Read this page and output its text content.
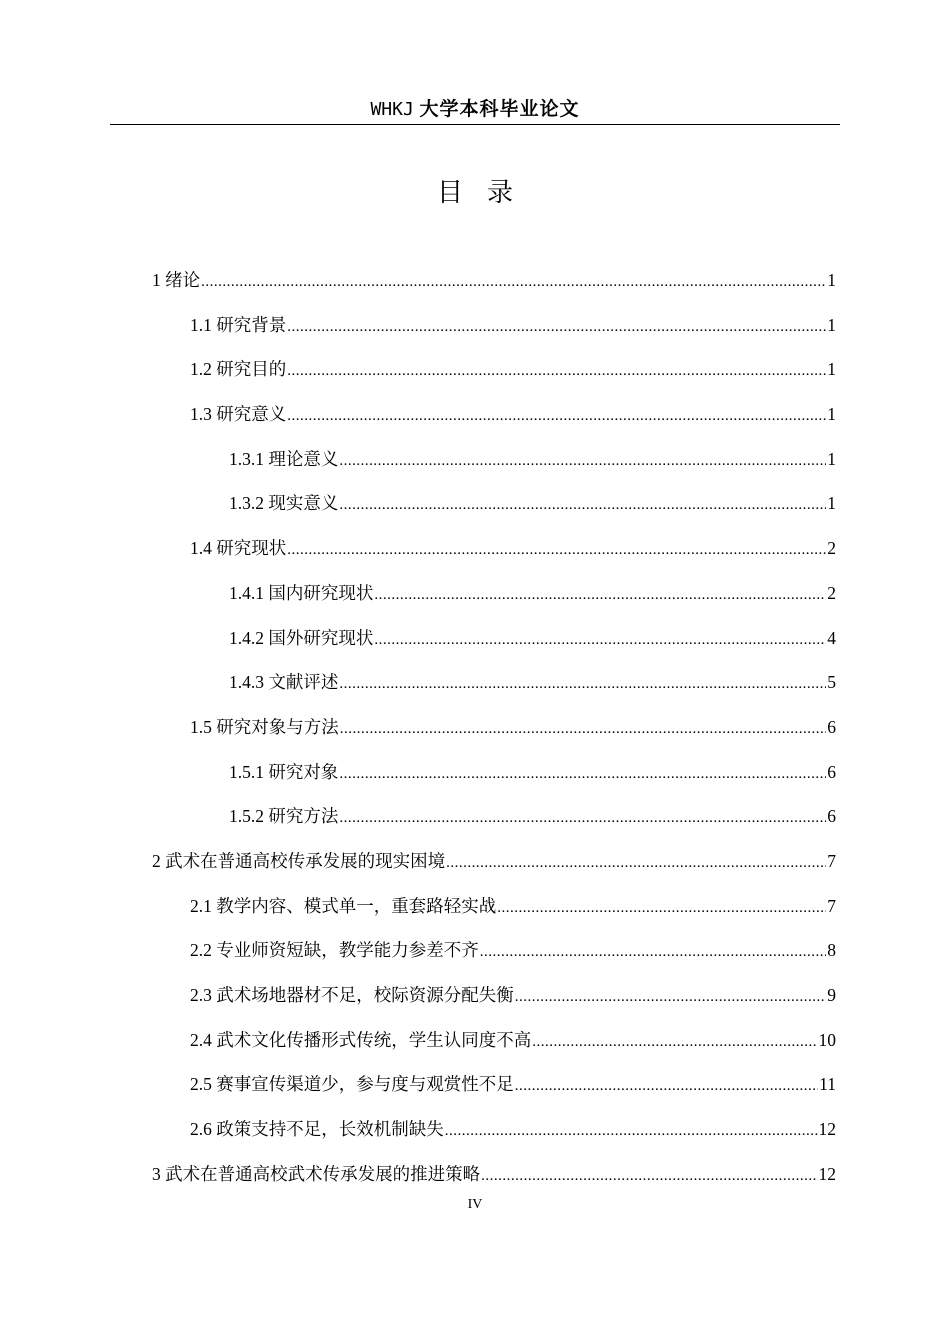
WHKJ 大学本科毕业论文
目录
1 绪论 .....	1
1.1 研究背景 .....	1
1.2 研究目的 .....	1
1.3 研究意义 .....	1
1.3.1 理论意义 .....	1
1.3.2 现实意义 .....	1
1.4 研究现状 .....	2
1.4.1 国内研究现状 .....	2
1.4.2 国外研究现状 .....	4
1.4.3 文献评述 .....	5
1.5 研究对象与方法 .....	6
1.5.1 研究对象 .....	6
1.5.2 研究方法 .....	6
2 武术在普通高校传承发展的现实困境 .....	7
2.1 教学内容、模式单一，重套路轻实战 .....	7
2.2 专业师资短缺，教学能力参差不齐 .....	8
2.3 武术场地器材不足，校际资源分配失衡 .....	9
2.4 武术文化传播形式传统，学生认同度不高 .....	10
2.5 赛事宣传渠道少，参与度与观赏性不足 .....	11
2.6 政策支持不足，长效机制缺失 .....	12
3 武术在普通高校武术传承发展的推进策略 .....	12
IV
